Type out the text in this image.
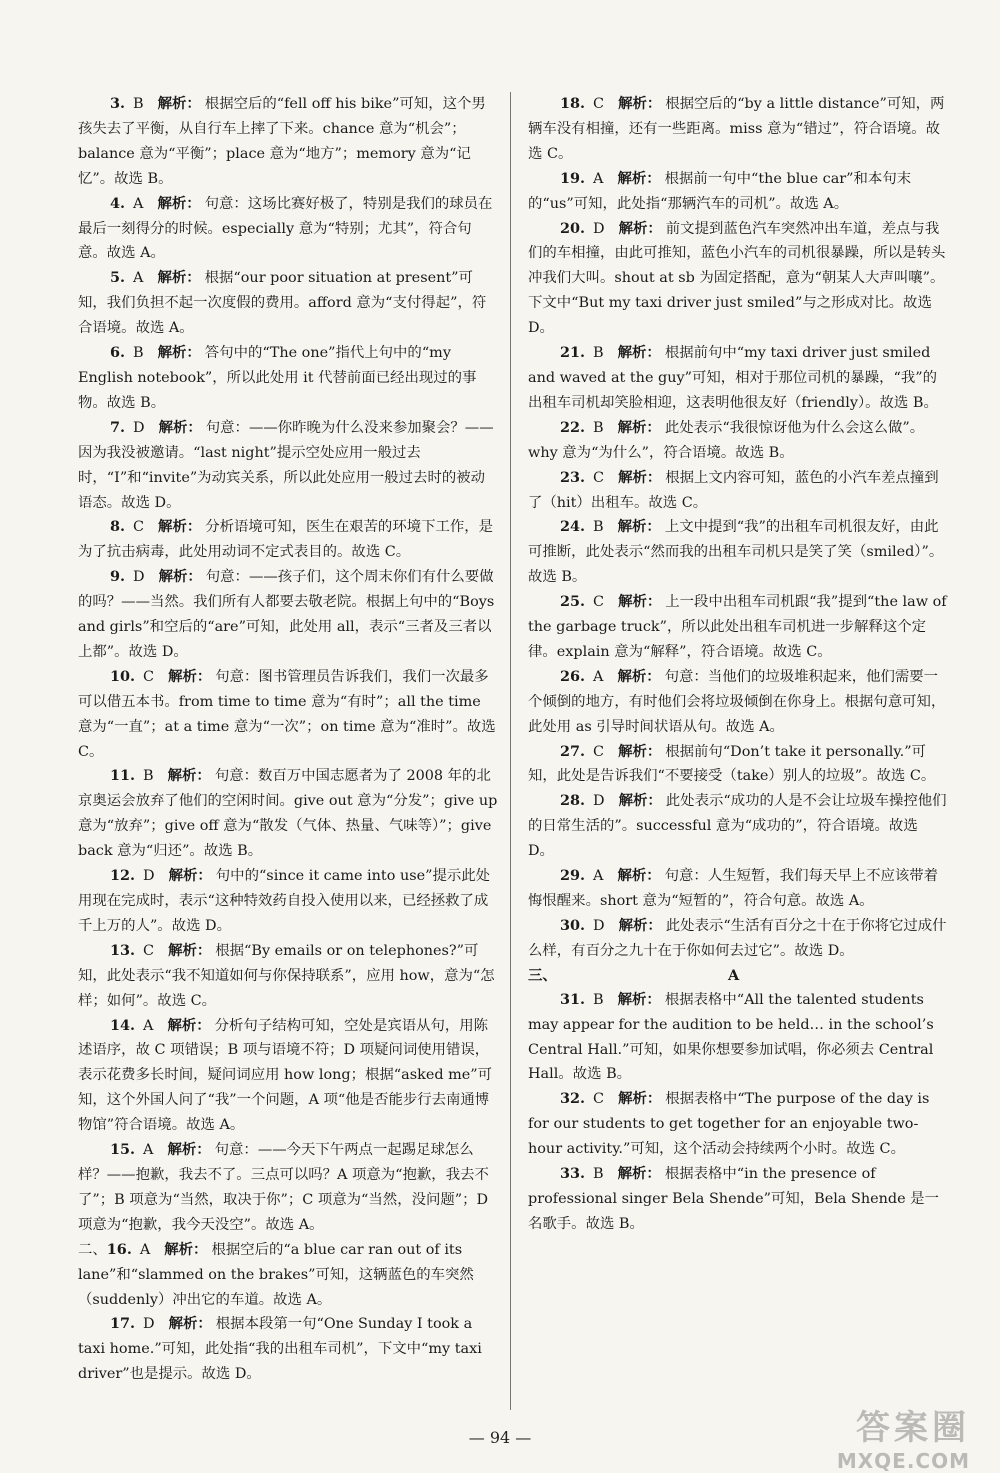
3. B 解析： 根据空后的“fell off his bike”可知，这个男孩失去了平衡，从自行车上摔了下来。chance 意为“机会”；balance 意为“平衡”；place 意为“地方”；memory 意为“记忆”。故选 B。

4. A 解析： 句意：这场比赛好极了，特别是我们的球员在最后一刻得分的时候。especially 意为“特别；尤其”，符合句意。故选 A。

5. A 解析： 根据“our poor situation at present”可知，我们负担不起一次度假的费用。afford 意为“支付得起”，符合语境。故选 A。

6. B 解析： 答句中的“The one”指代上句中的“my English notebook”，所以此处用 it 代替前面已经出现过的事物。故选 B。

7. D 解析： 句意：——你昨晚为什么没来参加聚会？——因为我没被邀请。“last night”提示空处应用一般过去时，“I”和“invite”为动宾关系，所以此处应用一般过去时的被动语态。故选 D。

8. C 解析： 分析语境可知，医生在艰苦的环境下工作，是为了抗击病毒，此处用动词不定式表目的。故选 C。

9. D 解析： 句意：——孩子们，这个周末你们有什么要做的吗？——当然。我们所有人都要去敬老院。根据上句中的“Boys and girls”和空后的“are”可知，此处用 all，表示“三者及三者以上都”。故选 D。

10. C 解析： 句意：图书管理员告诉我们，我们一次最多可以借五本书。from time to time 意为“有时”；all the time 意为“一直”；at a time 意为“一次”；on time 意为“准时”。故选 C。

11. B 解析： 句意：数百万中国志愿者为了 2008 年的北京奥运会放弃了他们的空闲时间。give out 意为“分发”；give up 意为“放弃”；give off 意为“散发（气体、热量、气味等）”；give back 意为“归还”。故选 B。

12. D 解析： 句中的“since it came into use”提示此处用现在完成时，表示“这种特效药自投入使用以来，已经拯救了成千上万的人”。故选 D。

13. C 解析： 根据“By emails or on telephones?”可知，此处表示“我不知道如何与你保持联系”，应用 how，意为“怎样；如何”。故选 C。

14. A 解析： 分析句子结构可知，空处是宾语从句，用陈述语序，故 C 项错误；B 项与语境不符；D 项疑问词使用错误，表示花费多长时间，疑问词应用 how long；根据“asked me”可知，这个外国人问了“我”一个问题，A 项“他是否能步行去南通博物馆”符合语境。故选 A。

15. A 解析： 句意：——今天下午两点一起踢足球怎么样？——抱歉，我去不了。三点可以吗？A 项意为“抱歉，我去不了”；B 项意为“当然，取决于你”；C 项意为“当然，没问题”；D 项意为“抱歉，我今天没空”。故选 A。

二、16. A 解析： 根据空后的“a blue car ran out of its lane”和“slammed on the brakes”可知，这辆蓝色的车突然（suddenly）冲出它的车道。故选 A。

17. D 解析： 根据本段第一句“One Sunday I took a taxi home.”可知，此处指“我的出租车司机”，下文中“my taxi driver”也是提示。故选 D。

18. C 解析： 根据空后的“by a little distance”可知，两辆车没有相撞，还有一些距离。miss 意为“错过”，符合语境。故选 C。

19. A 解析： 根据前一句中“the blue car”和本句末的“us”可知，此处指“那辆汽车的司机”。故选 A。

20. D 解析： 前文提到蓝色汽车突然冲出车道，差点与我们的车相撞，由此可推知，蓝色小汽车的司机很暴躁，所以是转头冲我们大叫。shout at sb 为固定搭配，意为“朝某人大声叫嚷”。下文中“But my taxi driver just smiled”与之形成对比。故选 D。

21. B 解析： 根据前句中“my taxi driver just smiled and waved at the guy”可知，相对于那位司机的暴躁，“我”的出租车司机却笑脸相迎，这表明他很友好（friendly）。故选 B。

22. B 解析： 此处表示“我很惊讶他为什么会这么做”。why 意为“为什么”，符合语境。故选 B。

23. C 解析： 根据上文内容可知，蓝色的小汽车差点撞到了（hit）出租车。故选 C。

24. B 解析： 上文中提到“我”的出租车司机很友好，由此可推断，此处表示“然而我的出租车司机只是笑了笑（smiled）”。故选 B。

25. C 解析： 上一段中出租车司机跟“我”提到“the law of the garbage truck”，所以此处出租车司机进一步解释这个定律。explain 意为“解释”，符合语境。故选 C。

26. A 解析： 句意：当他们的垃圾堆积起来，他们需要一个倾倒的地方，有时他们会将垃圾倾倒在你身上。根据句意可知，此处用 as 引导时间状语从句。故选 A。

27. C 解析： 根据前句“Don’t take it personally.”可知，此处是告诉我们“不要接受（take）别人的垃圾”。故选 C。

28. D 解析： 此处表示“成功的人是不会让垃圾车操控他们的日常生活的”。successful 意为“成功的”，符合语境。故选 D。

29. A 解析： 句意：人生短暂，我们每天早上不应该带着悔恨醒来。short 意为“短暂的”，符合句意。故选 A。

30. D 解析： 此处表示“生活有百分之十在于你将它过成什么样，有百分之九十在于你如何去过它”。故选 D。

三、	A

31. B 解析： 根据表格中“All the talented students may appear for the audition to be held… in the school’s Central Hall.”可知，如果你想要参加试唱，你必须去 Central Hall。故选 B。

32. C 解析： 根据表格中“The purpose of the day is for our students to get together for an enjoyable two-hour activity.”可知，这个活动会持续两个小时。故选 C。

33. B 解析： 根据表格中“in the presence of professional singer Bela Shende”可知，Bela Shende 是一名歌手。故选 B。

— 94 —	答案圈
MXQE.COM
